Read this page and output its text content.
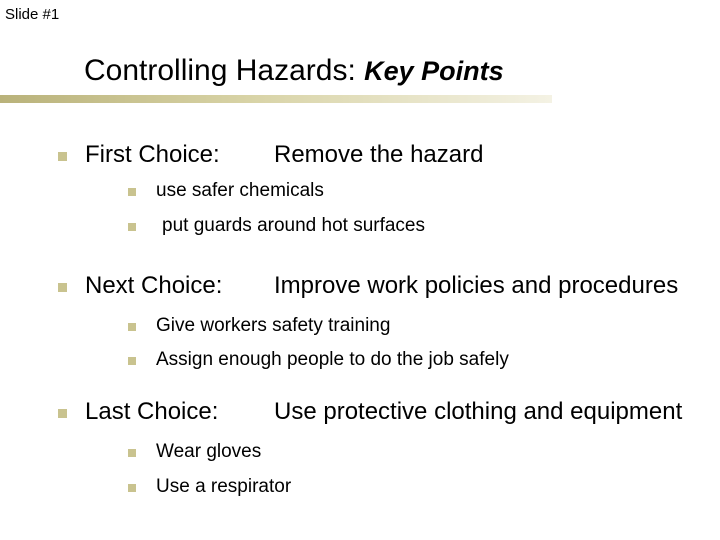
Slide #1
Controlling Hazards: Key Points
First Choice: Remove the hazard
use safer chemicals
put guards around hot surfaces
Next Choice: Improve work policies and procedures
Give workers safety training
Assign enough people to do the job safely
Last Choice: Use protective clothing and equipment
Wear gloves
Use a respirator
